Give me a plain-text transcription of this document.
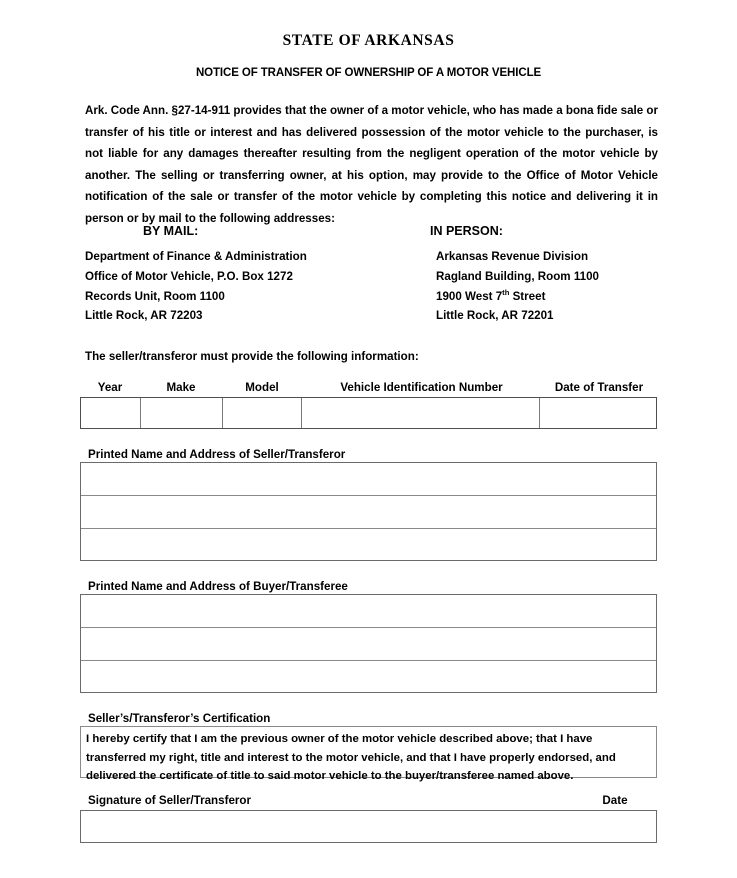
STATE OF ARKANSAS
NOTICE OF TRANSFER OF OWNERSHIP OF A MOTOR VEHICLE
Ark. Code Ann. §27-14-911 provides that the owner of a motor vehicle, who has made a bona fide sale or transfer of his title or interest and has delivered possession of the motor vehicle to the purchaser, is not liable for any damages thereafter resulting from the negligent operation of the motor vehicle by another. The selling or transferring owner, at his option, may provide to the Office of Motor Vehicle notification of the sale or transfer of the motor vehicle by completing this notice and delivering it in person or by mail to the following addresses:
BY MAIL:
Department of Finance & Administration
Office of Motor Vehicle, P.O. Box 1272
Records Unit, Room 1100
Little Rock, AR 72203
IN PERSON:
Arkansas Revenue Division
Ragland Building, Room 1100
1900 West 7th Street
Little Rock, AR 72201
The seller/transferor must provide the following information:
Year	Make	Model	Vehicle Identification Number	Date of Transfer
Printed Name and Address of Seller/Transferor
Printed Name and Address of Buyer/Transferee
Seller’s/Transferor’s Certification
I hereby certify that I am the previous owner of the motor vehicle described above; that I have transferred my right, title and interest to the motor vehicle, and that I have properly endorsed, and delivered the certificate of title to said motor vehicle to the buyer/transferee named above.
Signature of Seller/Transferor	Date
